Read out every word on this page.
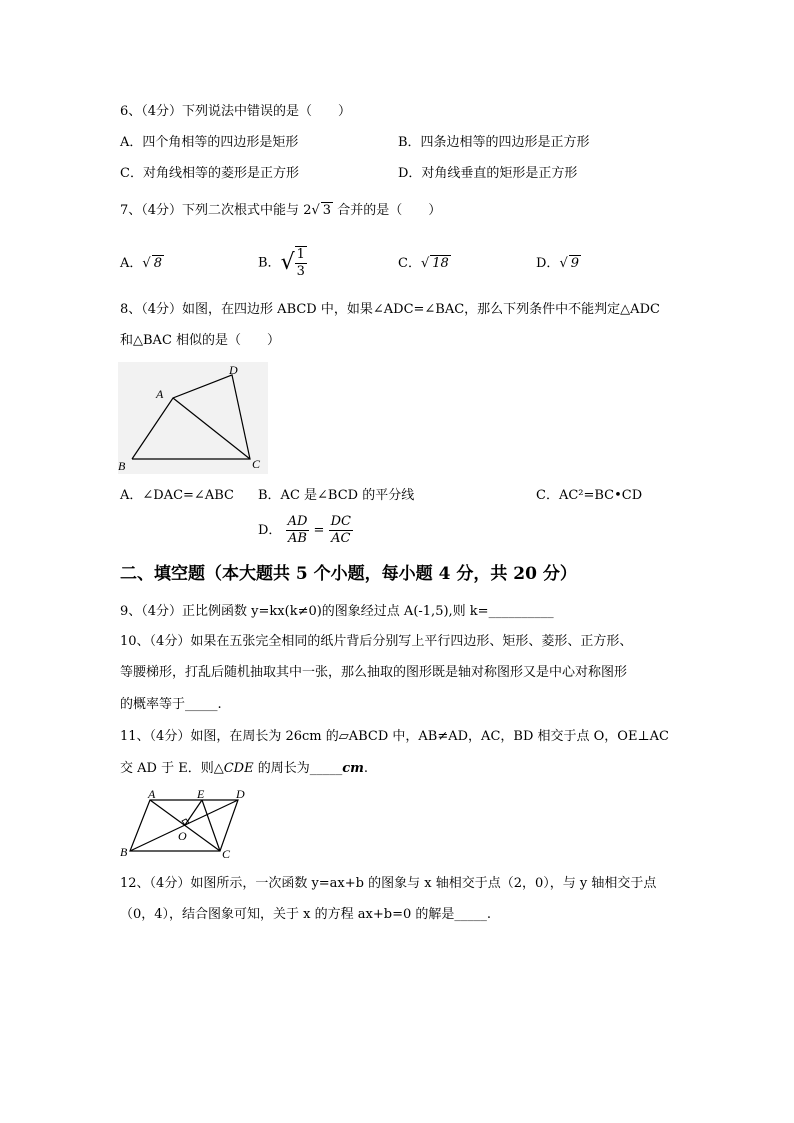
6、（4分）下列说法中错误的是（　　）
A．四个角相等的四边形是矩形	B．四条边相等的四边形是正方形
C．对角线相等的菱形是正方形	D．对角线垂直的矩形是正方形
7、（4分）下列二次根式中能与 2√ 3 合并的是（　　）
A．√ 8	B．√ $\frac{1}{3}$	C．√ 18	D．√ 9
8、（4分）如图，在四边形 ABCD 中，如果∠ADC=∠BAC，那么下列条件中不能判定△ADC
和△BAC 相似的是（　　）
A
B	C
D
A．∠DAC=∠ABC B．AC 是∠BCD 的平分线	C．AC²=BC•CD
D． $\frac{AD}{AB} = \frac{DC}{AC}$
二、填空题（本大题共 5 个小题，每小题 4 分，共 20 分）
9、（4分）正比例函数 y=kx(k≠0)的图象经过点 A(-1,5),则 k=__________
10、（4分）如果在五张完全相同的纸片背后分别写上平行四边形、矩形、菱形、正方形、
等腰梯形，打乱后随机抽取其中一张，那么抽取的图形既是轴对称图形又是中心对称图形
的概率等于_____.
11、（4分）如图，在周长为 26cm 的▱ABCD 中，AB≠AD，AC，BD 相交于点 O，OE⊥AC
交 AD 于 E．则△CDE 的周长为_____cm.
A	E	D
O
B	C
12、（4分）如图所示，一次函数 y=ax+b 的图象与 x 轴相交于点（2，0），与 y 轴相交于点
（0，4），结合图象可知，关于 x 的方程 ax+b=0 的解是_____.
